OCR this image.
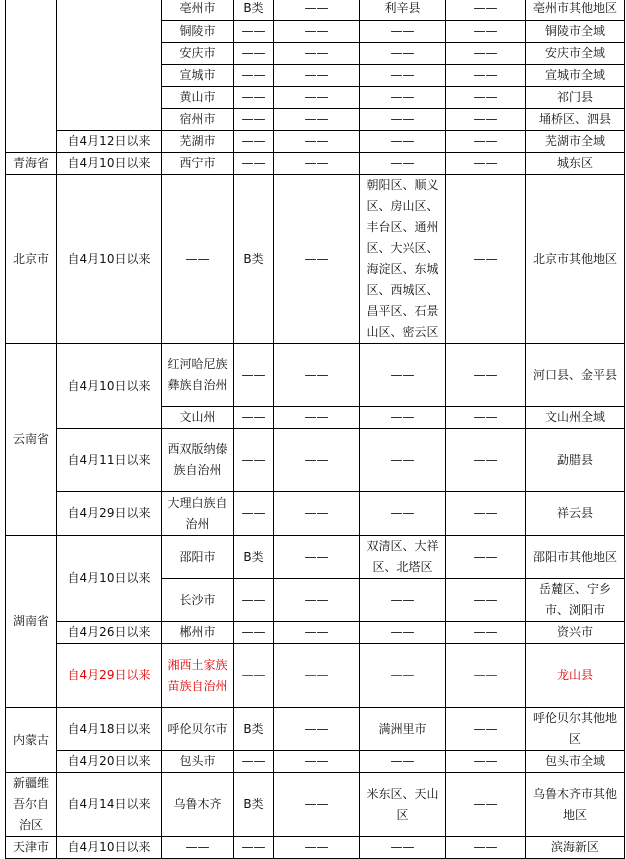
		亳州市	B类	——	利辛县	——	亳州市其他地区
		铜陵市	——	——	——	——	铜陵市全域
		安庆市	——	——	——	——	安庆市全域
		宣城市	——	——	——	——	宣城市全域
		黄山市	——	——	——	——	祁门县
		宿州市	——	——	——	——	埇桥区、泗县
	自4月12日以来	芜湖市	——	——	——	——	芜湖市全域
青海省	自4月10日以来	西宁市	——	——	——	——	城东区
北京市	自4月10日以来	——	B类	——	朝阳区、顺义区、房山区、丰台区、通州区、大兴区、海淀区、东城区、西城区、昌平区、石景山区、密云区	——	北京市其他地区
云南省	自4月10日以来	红河哈尼族彝族自治州	——	——	——	——	河口县、金平县
		文山州	——	——	——	——	文山州全域
	自4月11日以来	西双版纳傣族自治州	——	——	——	——	勐腊县
	自4月29日以来	大理白族自治州	——	——	——	——	祥云县
湖南省	自4月10日以来	邵阳市	B类	——	双清区、大祥区、北塔区	——	邵阳市其他地区
		长沙市	——	——	——	——	岳麓区、宁乡市、浏阳市
	自4月26日以来	郴州市	——	——	——	——	资兴市
	自4月29日以来	湘西土家族苗族自治州	——	——	——	——	龙山县
内蒙古	自4月18日以来	呼伦贝尔市	B类	——	满洲里市	——	呼伦贝尔其他地区
	自4月20日以来	包头市	——	——	——	——	包头市全域
新疆维吾尔自治区	自4月14日以来	乌鲁木齐	B类	——	米东区、天山区	——	乌鲁木齐市其他地区
天津市	自4月10日以来	——	——	——	——	——	滨海新区
